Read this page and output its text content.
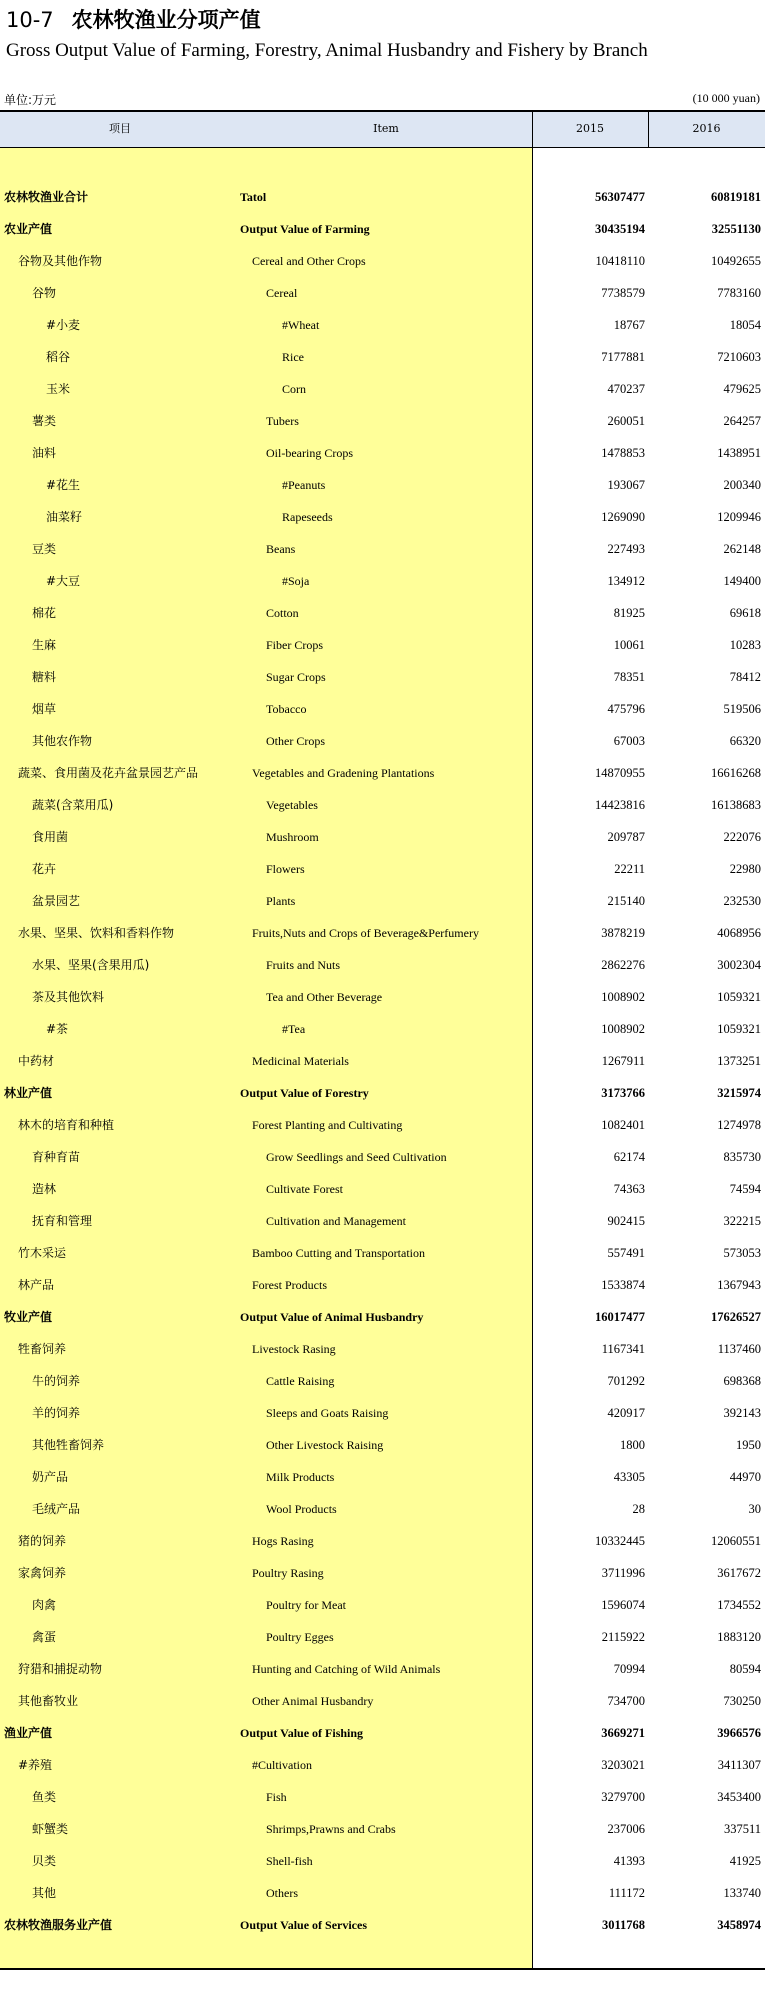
10-7 农林牧渔业分项产值
Gross Output Value of Farming, Forestry, Animal Husbandry and Fishery by Branch
单位:万元	(10 000 yuan)
项目	Item	2015	2016
农林牧渔业合计	Tatol	56307477	60819181
农业产值	Output Value of Farming	30435194	32551130
谷物及其他作物	Cereal and Other Crops	10418110	10492655
谷物	Cereal	7738579	7783160
#小麦	#Wheat	18767	18054
稻谷	Rice	7177881	7210603
玉米	Corn	470237	479625
薯类	Tubers	260051	264257
油料	Oil-bearing Crops	1478853	1438951
#花生	#Peanuts	193067	200340
油菜籽	Rapeseeds	1269090	1209946
豆类	Beans	227493	262148
#大豆	#Soja	134912	149400
棉花	Cotton	81925	69618
生麻	Fiber Crops	10061	10283
糖料	Sugar Crops	78351	78412
烟草	Tobacco	475796	519506
其他农作物	Other Crops	67003	66320
蔬菜、食用菌及花卉盆景园艺产品	Vegetables and Gradening Plantations	14870955	16616268
蔬菜(含菜用瓜)	Vegetables	14423816	16138683
食用菌	Mushroom	209787	222076
花卉	Flowers	22211	22980
盆景园艺	Plants	215140	232530
水果、坚果、饮料和香料作物	Fruits,Nuts and Crops of Beverage&Perfumery	3878219	4068956
水果、坚果(含果用瓜)	Fruits and Nuts	2862276	3002304
茶及其他饮料	Tea and Other Beverage	1008902	1059321
#茶	#Tea	1008902	1059321
中药材	Medicinal Materials	1267911	1373251
林业产值	Output Value of Forestry	3173766	3215974
林木的培育和种植	Forest Planting and Cultivating	1082401	1274978
育种育苗	Grow Seedlings and Seed Cultivation	62174	835730
造林	Cultivate Forest	74363	74594
抚育和管理	Cultivation and Management	902415	322215
竹木采运	Bamboo Cutting and Transportation	557491	573053
林产品	Forest Products	1533874	1367943
牧业产值	Output Value of Animal Husbandry	16017477	17626527
牲畜饲养	Livestock Rasing	1167341	1137460
牛的饲养	Cattle Raising	701292	698368
羊的饲养	Sleeps and Goats Raising	420917	392143
其他牲畜饲养	Other Livestock Raising	1800	1950
奶产品	Milk Products	43305	44970
毛绒产品	Wool Products	28	30
猪的饲养	Hogs Rasing	10332445	12060551
家禽饲养	Poultry Rasing	3711996	3617672
肉禽	Poultry for Meat	1596074	1734552
禽蛋	Poultry Egges	2115922	1883120
狩猎和捕捉动物	Hunting and Catching of Wild Animals	70994	80594
其他畜牧业	Other Animal Husbandry	734700	730250
渔业产值	Output Value of Fishing	3669271	3966576
#养殖	#Cultivation	3203021	3411307
鱼类	Fish	3279700	3453400
虾蟹类	Shrimps,Prawns and Crabs	237006	337511
贝类	Shell-fish	41393	41925
其他	Others	111172	133740
农林牧渔服务业产值	Output Value of Services	3011768	3458974
